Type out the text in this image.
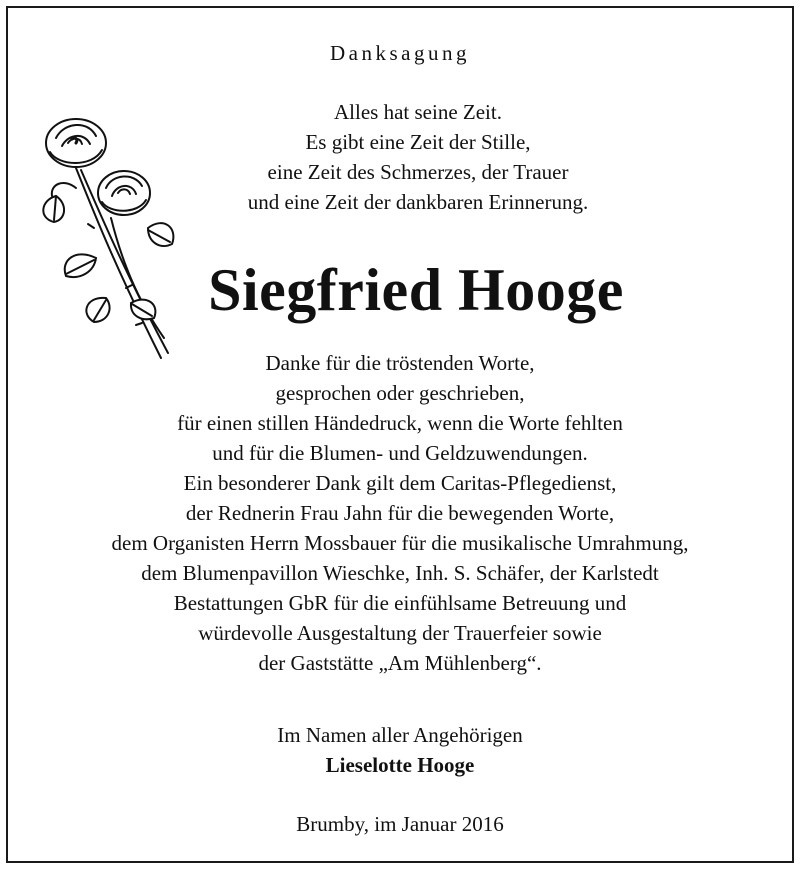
Danksagung
Alles hat seine Zeit.
Es gibt eine Zeit der Stille,
eine Zeit des Schmerzes, der Trauer
und eine Zeit der dankbaren Erinnerung.
Siegfried Hooge
Danke für die tröstenden Worte,
gesprochen oder geschrieben,
für einen stillen Händedruck, wenn die Worte fehlten
und für die Blumen- und Geldzuwendungen.
Ein besonderer Dank gilt dem Caritas-Pflegedienst,
der Rednerin Frau Jahn für die bewegenden Worte,
dem Organisten Herrn Mossbauer für die musikalische Umrahmung,
dem Blumenpavillon Wieschke, Inh. S. Schäfer, der Karlstedt
Bestattungen GbR für die einfühlsame Betreuung und
würdevolle Ausgestaltung der Trauerfeier sowie
der Gaststätte „Am Mühlenberg“.
Im Namen aller Angehörigen
Lieselotte Hooge
Brumby, im Januar 2016
